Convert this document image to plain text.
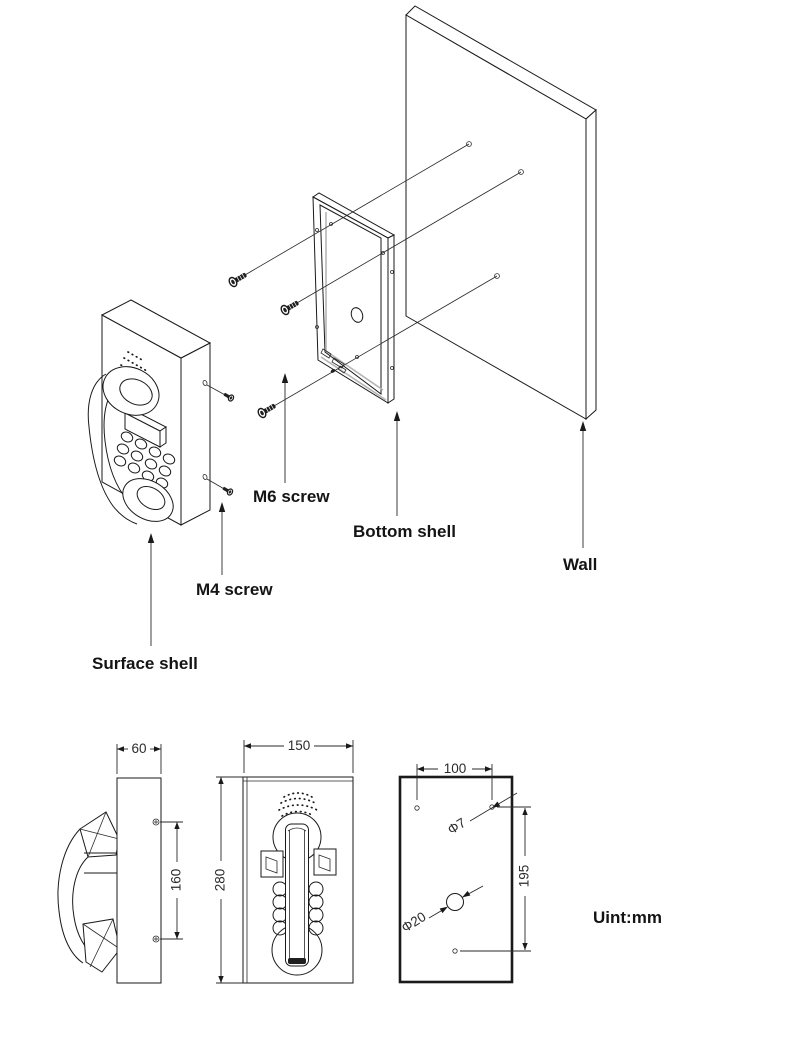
M6 screw
Bottom shell
Wall
M4 screw
Surface shell
60
160
150
280
100
195
Φ7
Φ20	Uint:mm
